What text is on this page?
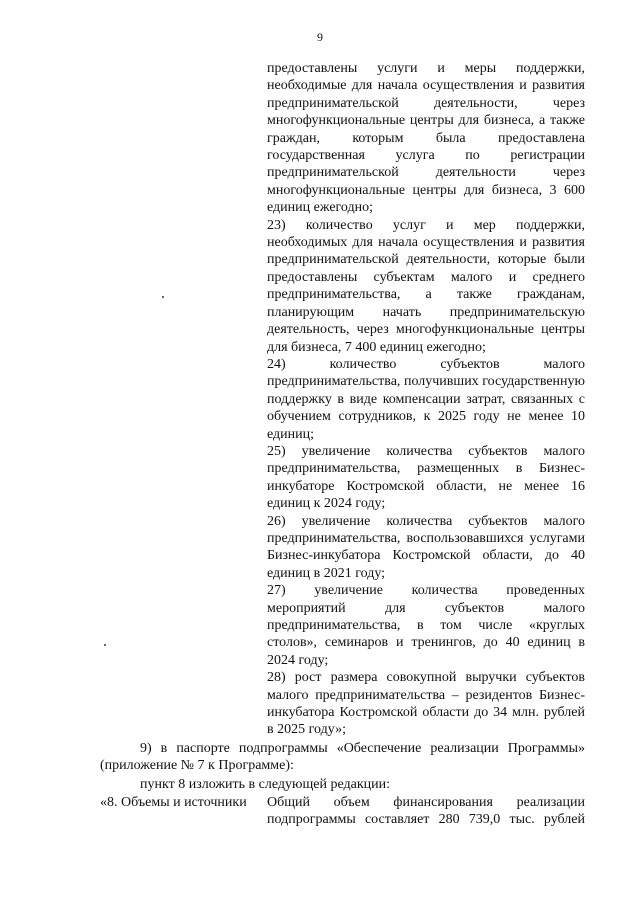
9
предоставлены услуги и меры поддержки, необходимые для начала осуществления и развития предпринимательской деятельности, через многофункциональные центры для бизнеса, а также граждан, которым была предоставлена государственная услуга по регистрации предпринимательской деятельности через многофункциональные центры для бизнеса, 3 600 единиц ежегодно;
23) количество услуг и мер поддержки, необходимых для начала осуществления и развития предпринимательской деятельности, которые были предоставлены субъектам малого и среднего предпринимательства, а также гражданам, планирующим начать предпринимательскую деятельность, через многофункциональные центры для бизнеса, 7 400 единиц ежегодно;
24) количество субъектов малого предпринимательства, получивших государственную поддержку в виде компенсации затрат, связанных с обучением сотрудников, к 2025 году не менее 10 единиц;
25) увеличение количества субъектов малого предпринимательства, размещенных в Бизнес-инкубаторе Костромской области, не менее 16 единиц к 2024 году;
26) увеличение количества субъектов малого предпринимательства, воспользовавшихся услугами Бизнес-инкубатора Костромской области, до 40 единиц в 2021 году;
27) увеличение количества проведенных мероприятий для субъектов малого предпринимательства, в том числе «круглых столов», семинаров и тренингов, до 40 единиц в 2024 году;
28) рост размера совокупной выручки субъектов малого предпринимательства – резидентов Бизнес-инкубатора Костромской области до 34 млн. рублей в 2025 году»;
9) в паспорте подпрограммы «Обеспечение реализации Программы» (приложение № 7 к Программе):
пункт 8 изложить в следующей редакции:
«8. Объемы и источники Общий объем финансирования реализации подпрограммы составляет 280 739,0 тыс. рублей
